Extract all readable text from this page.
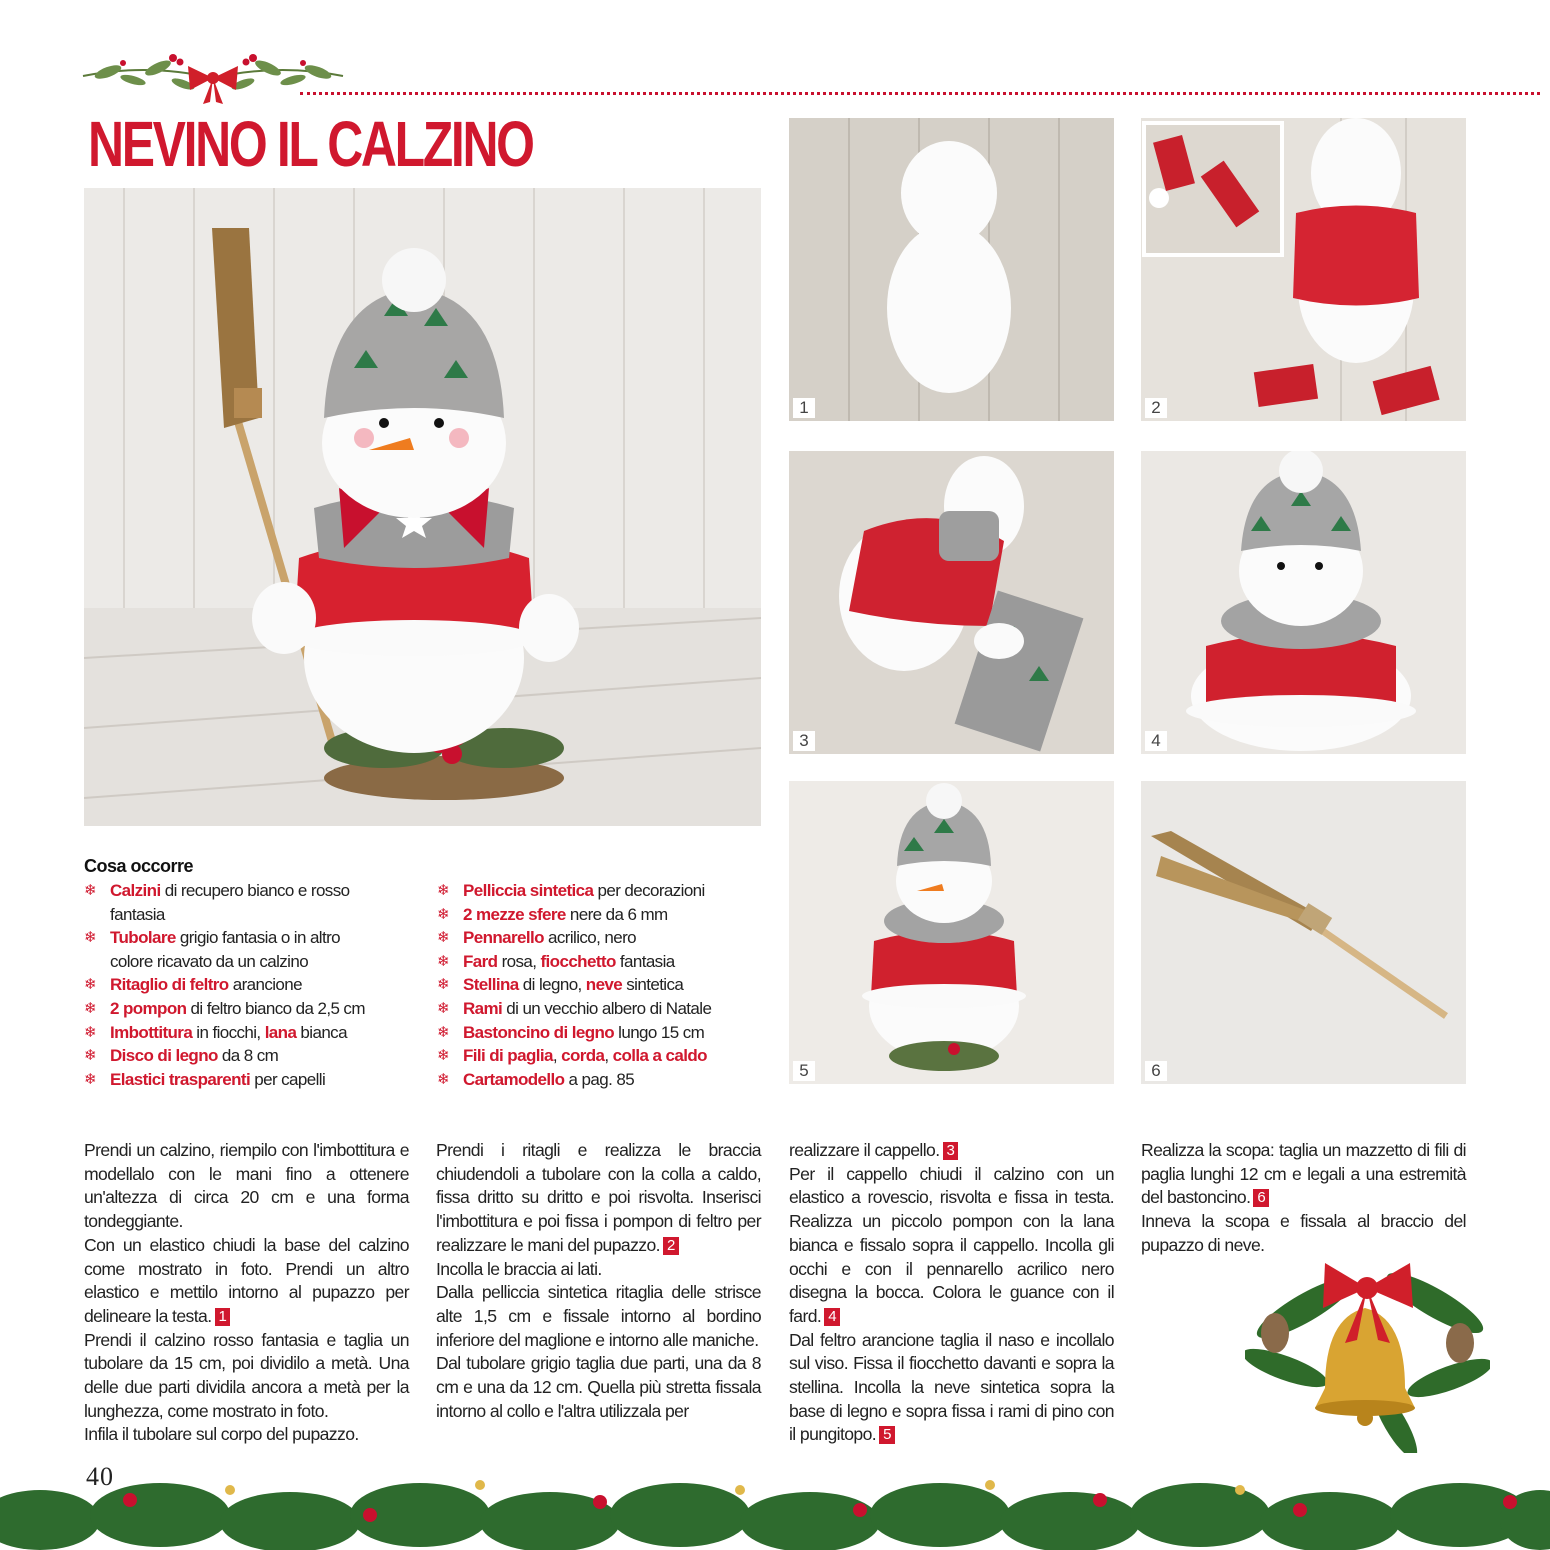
NEVINO IL CALZINO
1	2
3	4
5	6
Cosa occorre
❄ Calzini di recupero bianco e rosso
fantasia
❄ Tubolare grigio fantasia o in altro
colore ricavato da un calzino
❄ Ritaglio di feltro arancione
❄ 2 pompon di feltro bianco da 2,5 cm
❄ Imbottitura in fiocchi, lana bianca
❄ Disco di legno da 8 cm
❄ Elastici trasparenti per capelli
❄ Pelliccia sintetica per decorazioni
❄ 2 mezze sfere nere da 6 mm
❄ Pennarello acrilico, nero
❄ Fard rosa, fiocchetto fantasia
❄ Stellina di legno, neve sintetica
❄ Rami di un vecchio albero di Natale
❄ Bastoncino di legno lungo 15 cm
❄ Fili di paglia, corda, colla a caldo
❄ Cartamodello a pag. 85

Prendi un calzino, riempilo con l'imbottitura e modellalo con le mani fino a ottenere un'altezza di circa 20 cm e una forma tondeggiante.

Con un elastico chiudi la base del calzino come mostrato in foto. Prendi un altro elastico e mettilo intorno al pupazzo per delineare la testa. 1

Prendi il calzino rosso fantasia e taglia un tubolare da 15 cm, poi dividilo a metà. Una delle due parti dividila ancora a metà per la lunghezza, come mostrato in foto.

Infila il tubolare sul corpo del pupazzo.

Prendi i ritagli e realizza le braccia chiudendoli a tubolare con la colla a caldo, fissa dritto su dritto e poi risvolta. Inserisci l'imbottitura e poi fissa i pompon di feltro per realizzare le mani del pupazzo. 2

Incolla le braccia ai lati.

Dalla pelliccia sintetica ritaglia delle strisce alte 1,5 cm e fissale intorno al bordino inferiore del maglione e intorno alle maniche.

Dal tubolare grigio taglia due parti, una da 8 cm e una da 12 cm. Quella più stretta fissala intorno al collo e l'altra utilizzala per

realizzare il cappello. 3

Per il cappello chiudi il calzino con un elastico a rovescio, risvolta e fissa in testa. Realizza un piccolo pompon con la lana bianca e fissalo sopra il cappello. Incolla gli occhi e con il pennarello acrilico nero disegna la bocca. Colora le guance con il fard. 4

Dal feltro arancione taglia il naso e incollalo sul viso. Fissa il fiocchetto davanti e sopra la stellina. Incolla la neve sintetica sopra la base di legno e sopra fissa i rami di pino con il pungitopo. 5

Realizza la scopa: taglia un mazzetto di fili di paglia lunghi 12 cm e legali a una estremità del bastoncino. 6

Inneva la scopa e fissala al braccio del pupazzo di neve.

40
